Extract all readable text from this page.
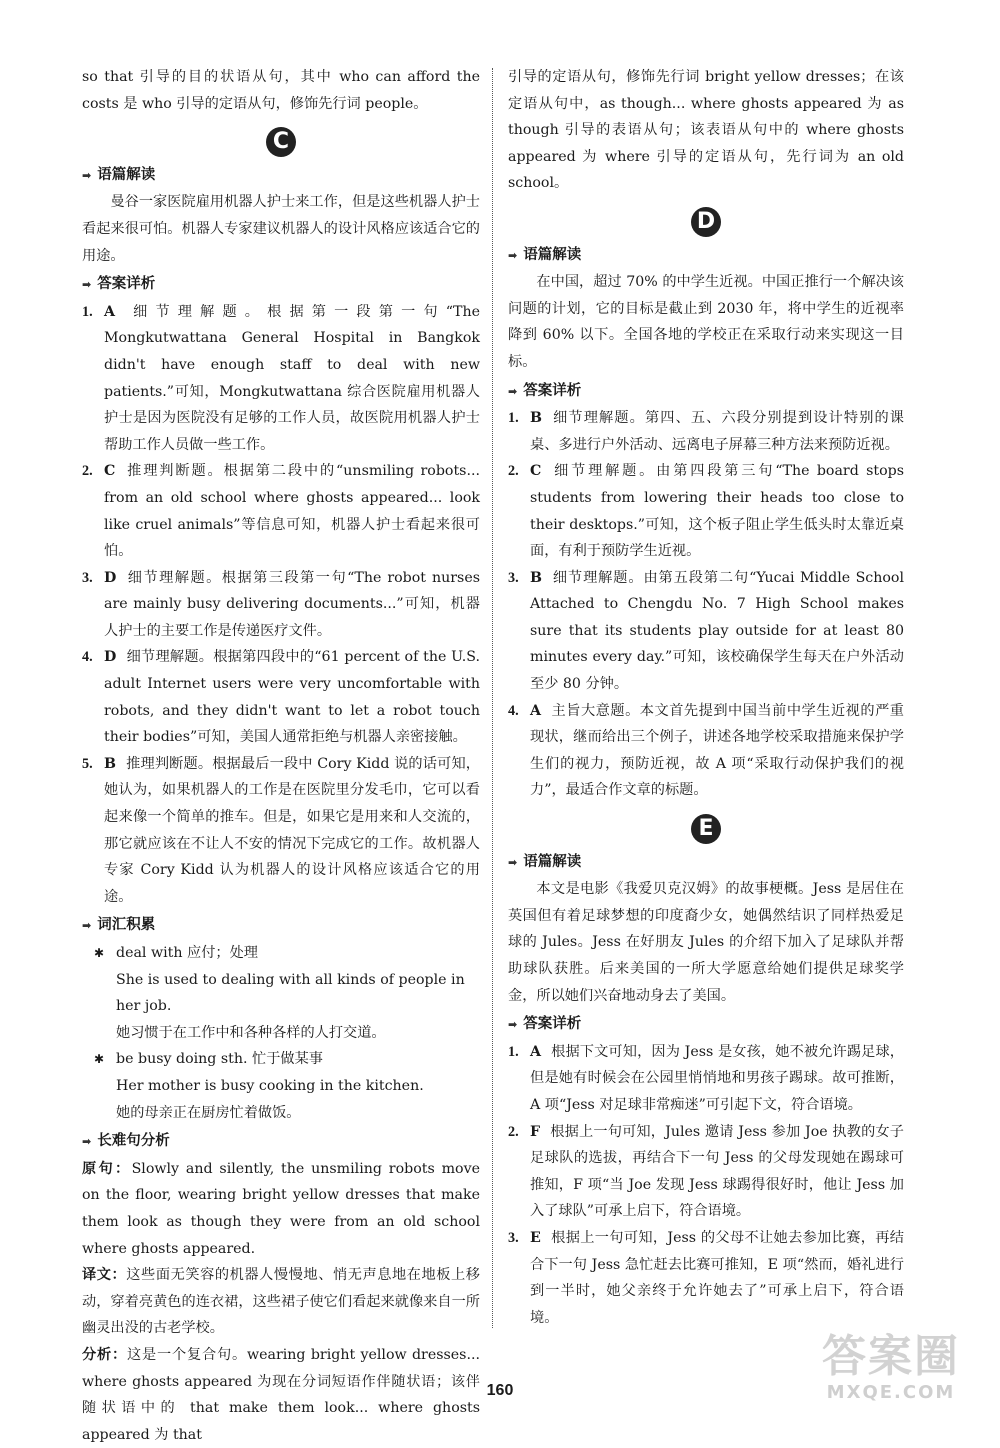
so that 引导的目的状语从句，其中 who can afford the costs 是 who 引导的定语从句，修饰先行词 people。

C
➡ 语篇解读

曼谷一家医院雇用机器人护士来工作，但是这些机器人护士看起来很可怕。机器人专家建议机器人的设计风格应该适合它的用途。

➡ 答案详析
1. A 细节理解题。根据第一段第一句“The Mongkutwattana General Hospital in Bangkok didn't have enough staff to deal with new patients.”可知，Mongkutwattana 综合医院雇用机器人护士是因为医院没有足够的工作人员，故医院用机器人护士帮助工作人员做一些工作。
2. C 推理判断题。根据第二段中的“unsmiling robots... from an old school where ghosts appeared... look like cruel animals”等信息可知，机器人护士看起来很可怕。
3. D 细节理解题。根据第三段第一句“The robot nurses are mainly busy delivering documents...”可知，机器人护士的主要工作是传递医疗文件。
4. D 细节理解题。根据第四段中的“61 percent of the U.S. adult Internet users were very uncomfortable with robots, and they didn't want to let a robot touch their bodies”可知，美国人通常拒绝与机器人亲密接触。
5. B 推理判断题。根据最后一段中 Cory Kidd 说的话可知，她认为，如果机器人的工作是在医院里分发毛巾，它可以看起来像一个简单的推车。但是，如果它是用来和人交流的，那它就应该在不让人不安的情况下完成它的工作。故机器人专家 Cory Kidd 认为机器人的设计风格应该适合它的用途。
➡ 词汇积累
✱ deal with 应付；处理

She is used to dealing with all kinds of people in her job.

她习惯于在工作中和各种各样的人打交道。

✱ be busy doing sth. 忙于做某事

Her mother is busy cooking in the kitchen.

她的母亲正在厨房忙着做饭。

➡ 长难句分析

原句：Slowly and silently, the unsmiling robots move on the floor, wearing bright yellow dresses that make them look as though they were from an old school where ghosts appeared.

译文：这些面无笑容的机器人慢慢地、悄无声息地在地板上移动，穿着亮黄色的连衣裙，这些裙子使它们看起来就像来自一所幽灵出没的古老学校。

分析：这是一个复合句。wearing bright yellow dresses... where ghosts appeared 为现在分词短语作伴随状语；该伴随状语中的 that make them look... where ghosts appeared 为 that

引导的定语从句，修饰先行词 bright yellow dresses；在该定语从句中，as though... where ghosts appeared 为 as though 引导的表语从句；该表语从句中的 where ghosts appeared 为 where 引导的定语从句，先行词为 an old school。

D
➡ 语篇解读

在中国，超过 70% 的中学生近视。中国正推行一个解决该问题的计划，它的目标是截止到 2030 年，将中学生的近视率降到 60% 以下。全国各地的学校正在采取行动来实现这一目标。

➡ 答案详析
1. B 细节理解题。第四、五、六段分别提到设计特别的课桌、多进行户外活动、远离电子屏幕三种方法来预防近视。
2. C 细节理解题。由第四段第三句“The board stops students from lowering their heads too close to their desktops.”可知，这个板子阻止学生低头时太靠近桌面，有利于预防学生近视。
3. B 细节理解题。由第五段第二句“Yucai Middle School Attached to Chengdu No. 7 High School makes sure that its students play outside for at least 80 minutes every day.”可知，该校确保学生每天在户外活动至少 80 分钟。
4. A 主旨大意题。本文首先提到中国当前中学生近视的严重现状，继而给出三个例子，讲述各地学校采取措施来保护学生们的视力，预防近视，故 A 项“采取行动保护我们的视力”，最适合作文章的标题。
E
➡ 语篇解读

本文是电影《我爱贝克汉姆》的故事梗概。Jess 是居住在英国但有着足球梦想的印度裔少女，她偶然结识了同样热爱足球的 Jules。Jess 在好朋友 Jules 的介绍下加入了足球队并帮助球队获胜。后来美国的一所大学愿意给她们提供足球奖学金，所以她们兴奋地动身去了美国。

➡ 答案详析
1. A 根据下文可知，因为 Jess 是女孩，她不被允许踢足球，但是她有时候会在公园里悄悄地和男孩子踢球。故可推断，A 项“Jess 对足球非常痴迷”可引起下文，符合语境。
2. F 根据上一句可知，Jules 邀请 Jess 参加 Joe 执教的女子足球队的选拔，再结合下一句 Jess 的父母发现她在踢球可推知，F 项“当 Joe 发现 Jess 球踢得很好时，他让 Jess 加入了球队”可承上启下，符合语境。
3. E 根据上一句可知，Jess 的父母不让她去参加比赛，再结合下一句 Jess 急忙赶去比赛可推知，E 项“然而，婚礼进行到一半时，她父亲终于允许她去了”可承上启下，符合语境。
160
答案圈
MXQE.COM
